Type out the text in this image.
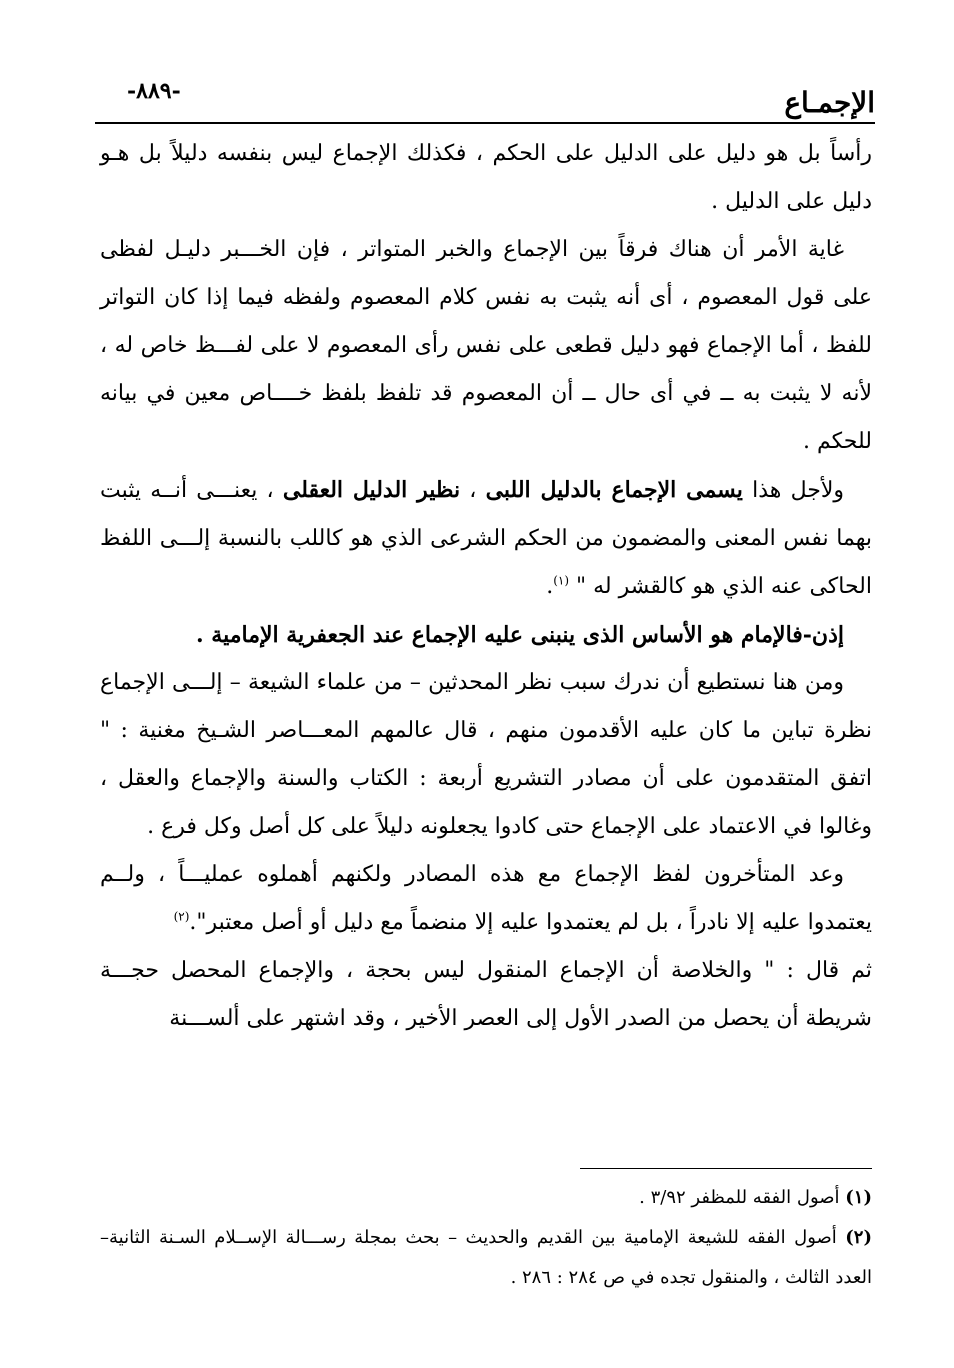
الإجمـاع
-٨٨٩-

رأساً بل هو دليل على الدليل على الحكم ، فكذلك الإجماع ليس بنفسه دليلاً بل هـو دليل على الدليل .

غاية الأمر أن هناك فرقاً بين الإجماع والخبر المتواتر ، فإن الخـــبر دليـل لفظى على قول المعصوم ، أى أنه يثبت به نفس كلام المعصوم ولفظه فيما إذا كان التواتر للفظ ، أما الإجماع فهو دليل قطعى على نفس رأى المعصوم لا على لفـــظ خاص له ، لأنه لا يثبت به ــ في أى حال ــ أن المعصوم قد تلفظ بلفظ خــــاص معين في بيانه للحكم .

ولأجل هذا يسمى الإجماع بالدليل اللبى ، نظير الدليل العقلى ، يعنـــى أنــه يثبت بهما نفس المعنى والمضمون من الحكم الشرعى الذي هو كاللب بالنسبة إلـــى اللفظ الحاكى عنه الذي هو كالقشر له " $^{(١)}$.

إذن-فالإمام هو الأساس الذى ينبنى عليه الإجماع عند الجعفرية الإمامية .

ومن هنا نستطيع أن ندرك سبب نظر المحدثين – من علماء الشيعة – إلـــى الإجماع نظرة تباين ما كان عليه الأقدمون منهم ، قال عالمهم المعـــاصر الشـيخ مغنية : " اتفق المتقدمون على أن مصادر التشريع أربعة : الكتاب والسنة والإجماع والعقل ، وغالوا في الاعتماد على الإجماع حتى كادوا يجعلونه دليلاً على كل أصل وكل فرع .

وعد المتأخرون لفظ الإجماع مع هذه المصادر ولكنهم أهملوه عمليـــاً ، ولــم يعتمدوا عليه إلا نادراً ، بل لم يعتمدوا عليه إلا منضماً مع دليل أو أصل معتبر".$^{(٢)}$

ثم قال : " والخلاصة أن الإجماع المنقول ليس بحجة ، والإجماع المحصل حجـــة شريطة أن يحصل من الصدر الأول إلى العصر الأخير ، وقد اشتهر على ألســـنة

(١) أصول الفقه للمظفر ٣/٩٢ .

(٢) أصول الفقه للشيعة الإمامية بين القديم والحديث – بحث بمجلة رســـالة الإســلام السـنة الثانية– العدد الثالث ، والمنقول تجده في ص ٢٨٤ : ٢٨٦ .
